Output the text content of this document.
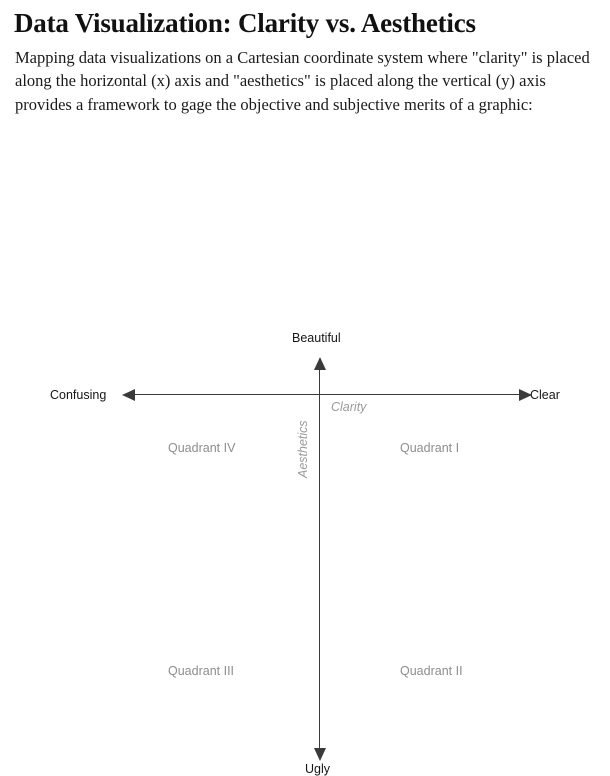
Data Visualization: Clarity vs. Aesthetics
Mapping data visualizations on a Cartesian coordinate system where "clarity" is placed along the horizontal (x) axis and "aesthetics" is placed along the vertical (y) axis provides a framework to gage the objective and subjective merits of a graphic:
Beautiful
Ugly
Confusing	Clear
Aesthetics
Clarity
Quadrant IV	Quadrant I
Quadrant III	Quadrant II
